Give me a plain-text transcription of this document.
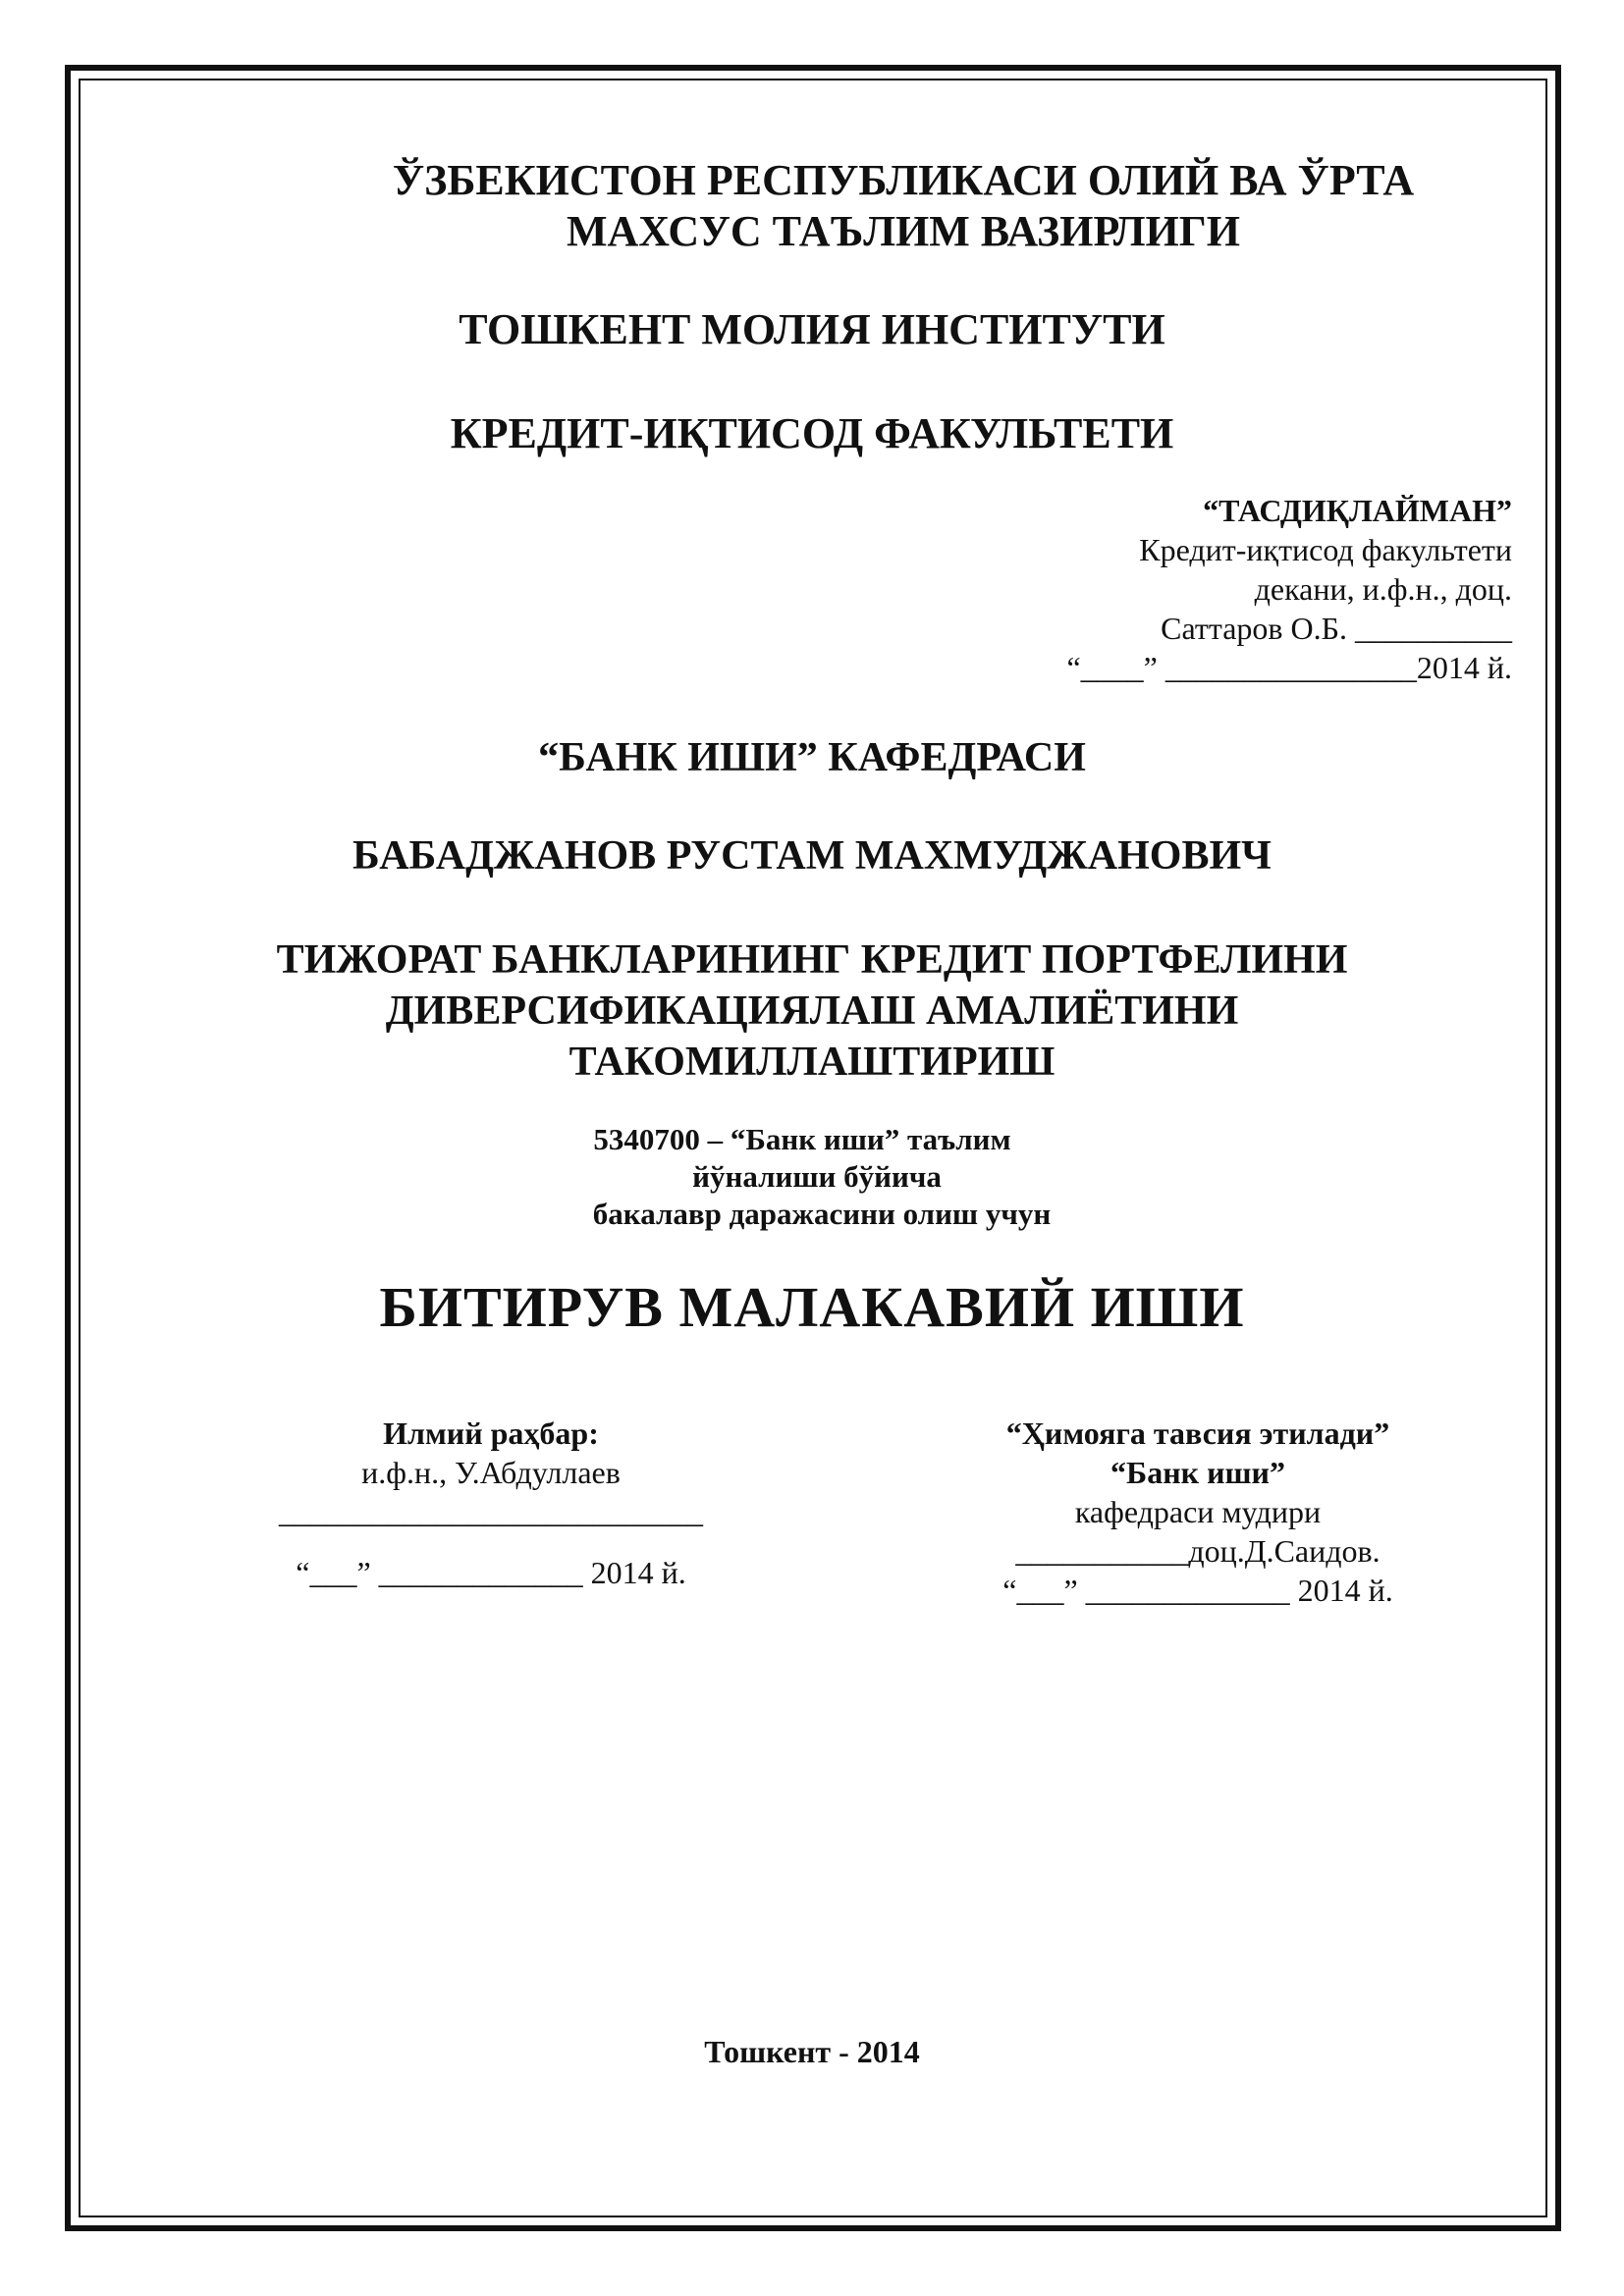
ЎЗБЕКИСТОН РЕСПУБЛИКАСИ ОЛИЙ ВА ЎРТА
МАХСУС ТАЪЛИМ ВАЗИРЛИГИ
ТОШКЕНТ МОЛИЯ ИНСТИТУТИ
КРЕДИТ-ИҚТИСОД ФАКУЛЬТЕТИ
“ТАСДИҚЛАЙМАН”
Кредит-иқтисод факультети
декани, и.ф.н., доц.
Саттаров О.Б. __________
“____” ________________2014 й.
“БАНК ИШИ” КАФЕДРАСИ
БАБАДЖАНОВ РУСТАМ МАХМУДЖАНОВИЧ
ТИЖОРАТ БАНКЛАРИНИНГ КРЕДИТ ПОРТФЕЛИНИ
ДИВЕРСИФИКАЦИЯЛАШ АМАЛИЁТИНИ
ТАКОМИЛЛАШТИРИШ
5340700 – “Банк иши” таълим
йўналиши бўйича
бакалавр даражасини олиш учун
БИТИРУВ МАЛАКАВИЙ ИШИ
Илмий раҳбар:
и.ф.н., У.Абдуллаев
___________________________
“___” _____________ 2014 й.
“Ҳимояга тавсия этилади”
“Банк иши”
кафедраси мудири
___________доц.Д.Саидов.
“___” _____________ 2014 й.
Тошкент - 2014
